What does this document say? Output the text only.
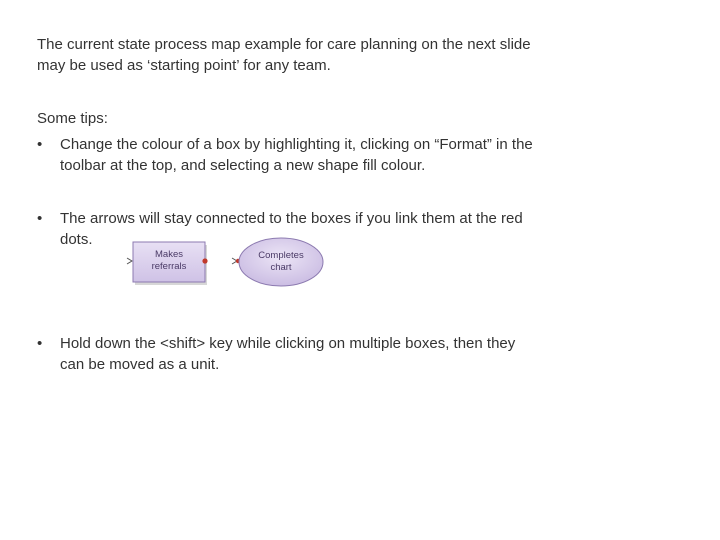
The current state process map example for care planning on the next slide
may be used as ‘starting point’ for any team.

Some tips:

•	Change the colour of a box by highlighting it, clicking on “Format” in the
toolbar at the top, and selecting a new shape fill colour.
•	The arrows will stay connected to the boxes if you link them at the red
dots.
Makes
referrals
Completes
chart
•	Hold down the <shift> key while clicking on multiple boxes, then they
can be moved as a unit.
